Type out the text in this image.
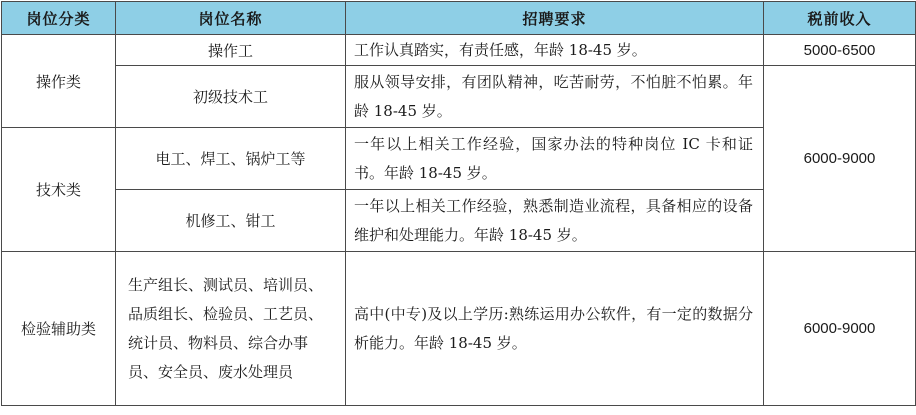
岗位分类	岗位名称	招聘要求	税前收入
操作类	操作工	工作认真踏实，有责任感，年龄 18-45 岁。	5000-6500
	初级技术工	服从领导安排，有团队精神，吃苦耐劳，不怕脏不怕累。年龄 18-45 岁。	6000-9000
技术类	电工、焊工、锅炉工等	一年以上相关工作经验，国家办法的特种岗位 IC 卡和证书。年龄 18-45 岁。	
	机修工、钳工	一年以上相关工作经验，熟悉制造业流程，具备相应的设备维护和处理能力。年龄 18-45 岁。	
检验辅助类	生产组长、测试员、培训员、品质组长、检验员、工艺员、统计员、物料员、综合办事员、安全员、废水处理员	高中(中专)及以上学历:熟练运用办公软件，有一定的数据分析能力。年龄 18-45 岁。	6000-9000
